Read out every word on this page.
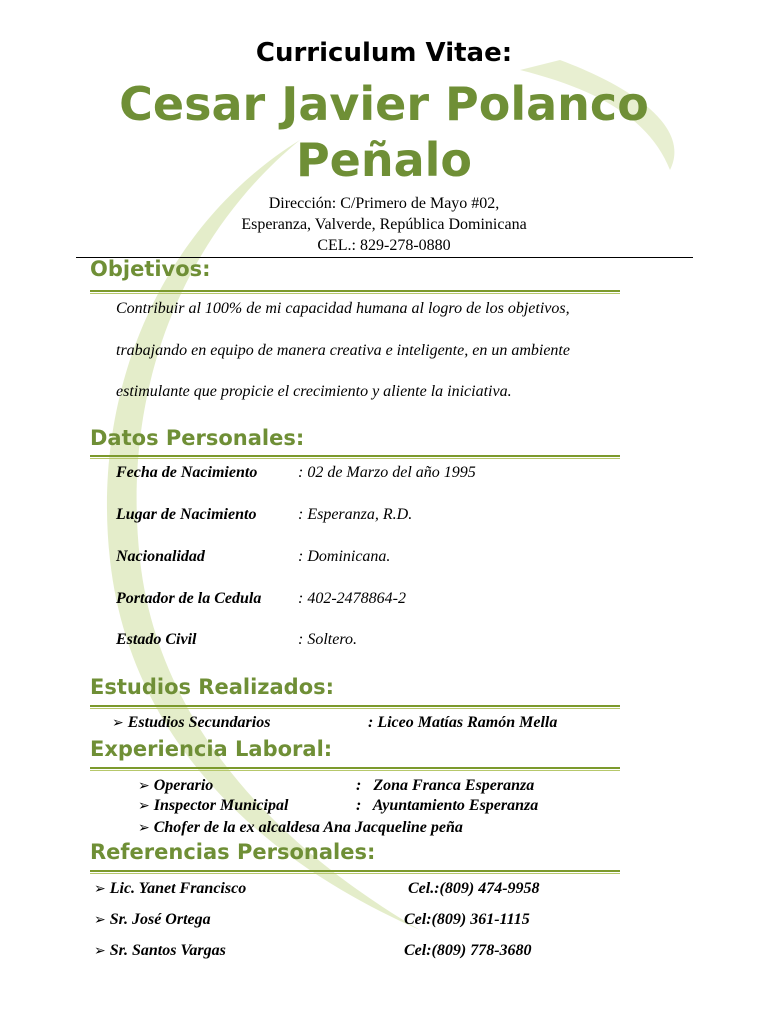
Curriculum Vitae:
Cesar Javier Polanco
Peñalo
Dirección: C/Primero de Mayo #02,
Esperanza, Valverde, República Dominicana
CEL.: 829-278-0880
Objetivos:
Contribuir al 100% de mi capacidad humana al logro de los objetivos,
trabajando en equipo de manera creativa e inteligente, en un ambiente
estimulante que propicie el crecimiento y aliente la iniciativa.
Datos Personales:
Fecha de Nacimiento	: 02 de Marzo del año 1995
Lugar de Nacimiento	: Esperanza, R.D.
Nacionalidad	: Dominicana.
Portador de la Cedula : 402-2478864-2
Estado Civil	: Soltero.
Estudios Realizados:
➢ Estudios Secundarios	: Liceo Matías Ramón Mella
Experiencia Laboral:
➢ Operario	:   Zona Franca Esperanza
➢ Inspector Municipal	:   Ayuntamiento Esperanza
➢ Chofer de la ex alcaldesa Ana Jacqueline peña
Referencias Personales:
➢ Lic. Yanet Francisco	Cel.:(809) 474-9958
➢ Sr. José Ortega	Cel:(809) 361-1115
➢ Sr. Santos Vargas	Cel:(809) 778-3680
